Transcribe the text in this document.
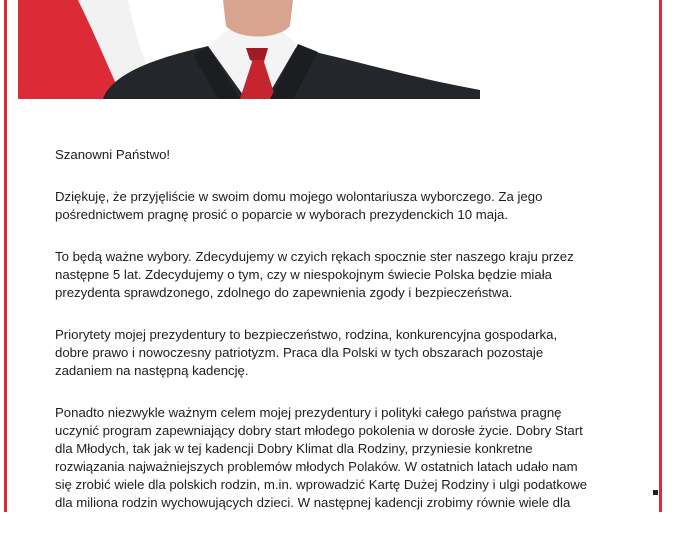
Szanowni Państwo!

Dziękuję, że przyjęliście w swoim domu mojego wolontariusza wyborczego. Za jego
pośrednictwem pragnę prosić o poparcie w wyborach prezydenckich 10 maja.

To będą ważne wybory. Zdecydujemy w czyich rękach spocznie ster naszego kraju przez
następne 5 lat. Zdecydujemy o tym, czy w niespokojnym świecie Polska będzie miała
prezydenta sprawdzonego, zdolnego do zapewnienia zgody i bezpieczeństwa.

Priorytety mojej prezydentury to bezpieczeństwo, rodzina, konkurencyjna gospodarka,
dobre prawo i nowoczesny patriotyzm. Praca dla Polski w tych obszarach pozostaje
zadaniem na następną kadencję.

Ponadto niezwykle ważnym celem mojej prezydentury i polityki całego państwa pragnę
uczynić program zapewniający dobry start młodego pokolenia w dorosłe życie. Dobry Start
dla Młodych, tak jak w tej kadencji Dobry Klimat dla Rodziny, przyniesie konkretne
rozwiązania najważniejszych problemów młodych Polaków. W ostatnich latach udało nam
się zrobić wiele dla polskich rodzin, m.in. wprowadzić Kartę Dużej Rodziny i ulgi podatkowe
dla miliona rodzin wychowujących dzieci. W następnej kadencji zrobimy równie wiele dla
